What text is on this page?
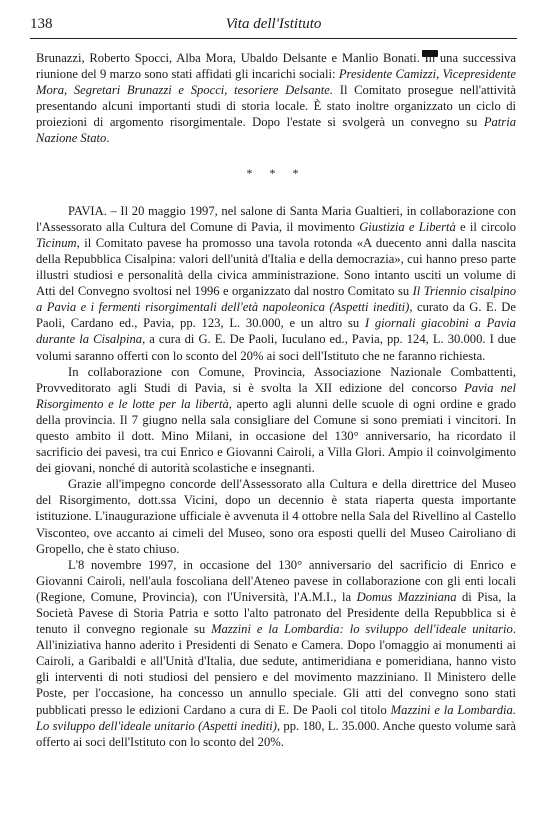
138	Vita dell'Istituto

Brunazzi, Roberto Spocci, Alba Mora, Ubaldo Delsante e Manlio Bonati. In una successiva riunione del 9 marzo sono stati affidati gli incarichi sociali: Presidente Camizzi, Vicepresidente Mora, Segretari Brunazzi e Spocci, tesoriere Delsante. Il Comitato prosegue nell'attività presentando alcuni importanti studi di storia locale. È stato inoltre organizzato un ciclo di proiezioni di argomento risorgimentale. Dopo l'estate si svolgerà un convegno su Patria Nazione Stato.

* * *

PAVIA. – Il 20 maggio 1997, nel salone di Santa Maria Gualtieri, in collaborazione con l'Assessorato alla Cultura del Comune di Pavia, il movimento Giustizia e Libertà e il circolo Ticinum, il Comitato pavese ha promosso una tavola rotonda «A duecento anni dalla nascita della Repubblica Cisalpina: valori dell'unità d'Italia e della democrazia», cui hanno preso parte illustri studiosi e personalità della civica amministrazione. Sono intanto usciti un volume di Atti del Convegno svoltosi nel 1996 e organizzato dal nostro Comitato su Il Triennio cisalpino a Pavia e i fermenti risorgimentali dell'età napoleonica (Aspetti inediti), curato da G. E. De Paoli, Cardano ed., Pavia, pp. 123, L. 30.000, e un altro su I giornali giacobini a Pavia durante la Cisalpina, a cura di G. E. De Paoli, Iuculano ed., Pavia, pp. 124, L. 30.000. I due volumi saranno offerti con lo sconto del 20% ai soci dell'Istituto che ne faranno richiesta.

In collaborazione con Comune, Provincia, Associazione Nazionale Combattenti, Provveditorato agli Studi di Pavia, si è svolta la XII edizione del concorso Pavia nel Risorgimento e le lotte per la libertà, aperto agli alunni delle scuole di ogni ordine e grado della provincia. Il 7 giugno nella sala consigliare del Comune si sono premiati i vincitori. In questo ambito il dott. Mino Milani, in occasione del 130° anniversario, ha ricordato il sacrificio dei pavesi, tra cui Enrico e Giovanni Cairoli, a Villa Glori. Ampio il coinvolgimento dei giovani, nonché di autorità scolastiche e insegnanti.

Grazie all'impegno concorde dell'Assessorato alla Cultura e della direttrice del Museo del Risorgimento, dott.ssa Vicini, dopo un decennio è stata riaperta questa importante istituzione. L'inaugurazione ufficiale è avvenuta il 4 ottobre nella Sala del Rivellino al Castello Visconteo, ove accanto ai cimeli del Museo, sono ora esposti quelli del Museo Cairoliano di Gropello, che è stato chiuso.

L'8 novembre 1997, in occasione del 130° anniversario del sacrificio di Enrico e Giovanni Cairoli, nell'aula foscoliana dell'Ateneo pavese in collaborazione con gli enti locali (Regione, Comune, Provincia), con l'Università, l'A.M.I., la Domus Mazziniana di Pisa, la Società Pavese di Storia Patria e sotto l'alto patronato del Presidente della Repubblica si è tenuto il convegno regionale su Mazzini e la Lombardia: lo sviluppo dell'ideale unitario. All'iniziativa hanno aderito i Presidenti di Senato e Camera. Dopo l'omaggio ai monumenti ai Cairoli, a Garibaldi e all'Unità d'Italia, due sedute, antimeridiana e pomeridiana, hanno visto gli interventi di noti studiosi del pensiero e del movimento mazziniano. Il Ministero delle Poste, per l'occasione, ha concesso un annullo speciale. Gli atti del convegno sono stati pubblicati presso le edizioni Cardano a cura di E. De Paoli col titolo Mazzini e la Lombardia. Lo sviluppo dell'ideale unitario (Aspetti inediti), pp. 180, L. 35.000. Anche questo volume sarà offerto ai soci dell'Istituto con lo sconto del 20%.
